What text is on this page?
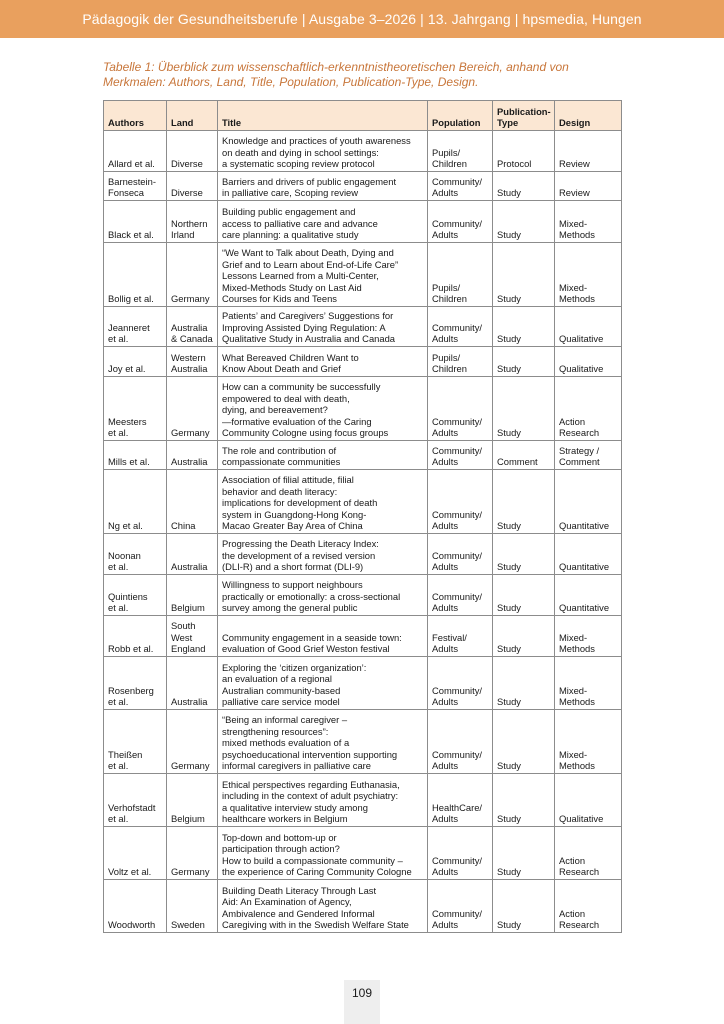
Pädagogik der Gesundheitsberufe | Ausgabe 3–2026 | 13. Jahrgang | hpsmedia, Hungen
Tabelle 1: Überblick zum wissenschaftlich-erkenntnistheoretischen Bereich, anhand von Merkmalen: Authors, Land, Title, Population, Publication-Type, Design.
Authors	Land	Title	Population	Publication-
Type	Design
Allard et al.	Diverse	Knowledge and practices of youth awareness
on death and dying in school settings:
a systematic scoping review protocol	Pupils/
Children	Protocol	Review
Barnestein-
Fonseca	Diverse	Barriers and drivers of public engagement
in palliative care, Scoping review	Community/
Adults	Study	Review
Black et al.	Northern
Irland	Building public engagement and
access to palliative care and advance
care planning: a qualitative study	Community/
Adults	Study	Mixed-
Methods
Bollig et al.	Germany	“We Want to Talk about Death, Dying and
Grief and to Learn about End-of-Life Care”
Lessons Learned from a Multi-Center,
Mixed-Methods Study on Last Aid
Courses for Kids and Teens	Pupils/
Children	Study	Mixed-
Methods
Jeanneret
et al.	Australia
& Canada	Patients’ and Caregivers’ Suggestions for
Improving Assisted Dying Regulation: A
Qualitative Study in Australia and Canada	Community/
Adults	Study	Qualitative
Joy et al.	Western
Australia	What Bereaved Children Want to
Know About Death and Grief	Pupils/
Children	Study	Qualitative
Meesters
et al.	Germany	How can a community be successfully
empowered to deal with death,
dying, and bereavement?
—formative evaluation of the Caring
Community Cologne using focus groups	Community/
Adults	Study	Action
Research
Mills et al.	Australia	The role and contribution of
compassionate communities	Community/
Adults	Comment	Strategy /
Comment
Ng et al.	China	Association of filial attitude, filial
behavior and death literacy:
implications for development of death
system in Guangdong-Hong Kong-
Macao Greater Bay Area of China	Community/
Adults	Study	Quantitative
Noonan
et al.	Australia	Progressing the Death Literacy Index:
the development of a revised version
(DLI-R) and a short format (DLI-9)	Community/
Adults	Study	Quantitative
Quintiens
et al.	Belgium	Willingness to support neighbours
practically or emotionally: a cross-sectional
survey among the general public	Community/
Adults	Study	Quantitative
Robb et al.	South
West
England	Community engagement in a seaside town:
evaluation of Good Grief Weston festival	Festival/
Adults	Study	Mixed-
Methods
Rosenberg
et al.	Australia	Exploring the ‘citizen organization’:
an evaluation of a regional
Australian community-based
palliative care service model	Community/
Adults	Study	Mixed-
Methods
Theißen
et al.	Germany	“Being an informal caregiver –
strengthening resources”:
mixed methods evaluation of a
psychoeducational intervention supporting
informal caregivers in palliative care	Community/
Adults	Study	Mixed-
Methods
Verhofstadt
et al.	Belgium	Ethical perspectives regarding Euthanasia,
including in the context of adult psychiatry:
a qualitative interview study among
healthcare workers in Belgium	HealthCare/
Adults	Study	Qualitative
Voltz et al.	Germany	Top-down and bottom-up or
participation through action?
How to build a compassionate community –
the experience of Caring Community Cologne	Community/
Adults	Study	Action
Research
Woodworth	Sweden	Building Death Literacy Through Last
Aid: An Examination of Agency,
Ambivalence and Gendered Informal
Caregiving with in the Swedish Welfare State	Community/
Adults	Study	Action
Research
109
